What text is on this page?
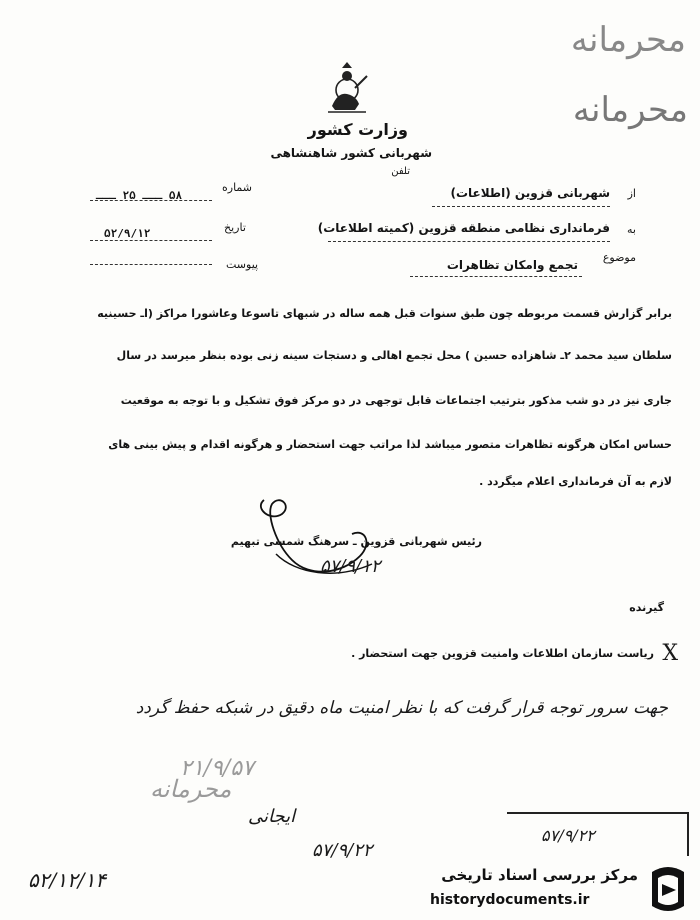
محرمانه
محرمانه
وزارت کشور
شهربانی کشور شاهنشاهی
تلفن
شماره
۵۸ ـــ ۲۵ ـــ
تاریخ
۵۲/۹/۱۲
پیوست
از
شهربانی قزوین (اطلاعات)
به
فرمانداری نظامی منطقه قزوین (کمیته اطلاعات)
موضوع
تجمع وامکان تظاهرات
برابر گزارش قسمت مربوطه چون طبق سنوات قبل همه ساله در شبهای تاسوعا وعاشورا مراکز (اـ حسینیه
سلطان سید محمد ۲ـ شاهزاده حسین ) محل تجمع اهالی و دستجات سینه زنی بوده بنظر میرسد در سال
جاری نیز در دو شب مذکور بترتیب اجتماعات قابل توجهی در دو مرکز فوق تشکیل و با توجه به موقعیت
حساس امکان هرگونه تظاهرات متصور میباشد لذا مراتب جهت استحضار و هرگونه اقدام و پیش بینی های
لازم به آن فرمانداری اعلام میگردد .
رئیس شهربانی قزوین ـ سرهنگ شمسی تبهیم
۵۷/۹/۱۲
گیرنده
X
ریاست سازمان اطلاعات وامنیت قزوین جهت استحضار .
جهت سرور توجه قرار گرفت که با نظر امنیت ماه دقیق در شبکه حفظ گردد
۲۱/۹/۵۷
محرمانه
ایجانی
۵۷/۹/۲۲
۵۲/۱۲/۱۴
۵۷/۹/۲۲
مرکز بررسی اسناد تاریخی
historydocuments.ir
